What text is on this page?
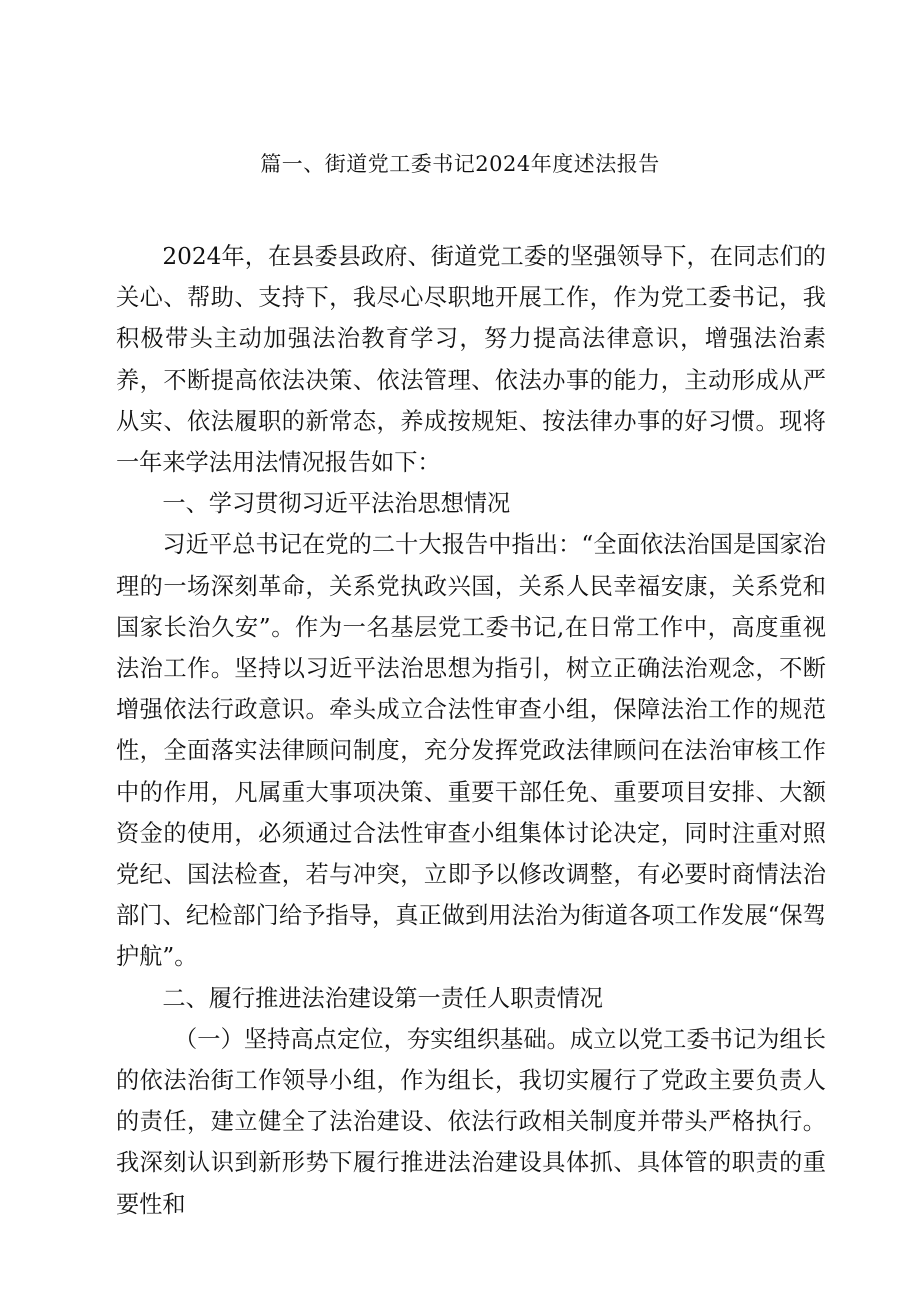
篇一、街道党工委书记2024年度述法报告

2024年，在县委县政府、街道党工委的坚强领导下，在同志们的关心、帮助、支持下，我尽心尽职地开展工作，作为党工委书记，我积极带头主动加强法治教育学习，努力提高法律意识，增强法治素养，不断提高依法决策、依法管理、依法办事的能力，主动形成从严从实、依法履职的新常态，养成按规矩、按法律办事的好习惯。现将一年来学法用法情况报告如下：

一、学习贯彻习近平法治思想情况

习近平总书记在党的二十大报告中指出：“全面依法治国是国家治理的一场深刻革命，关系党执政兴国，关系人民幸福安康，关系党和国家长治久安”。作为一名基层党工委书记,在日常工作中，高度重视法治工作。坚持以习近平法治思想为指引，树立正确法治观念，不断增强依法行政意识。牵头成立合法性审查小组，保障法治工作的规范性，全面落实法律顾问制度，充分发挥党政法律顾问在法治审核工作中的作用，凡属重大事项决策、重要干部任免、重要项目安排、大额资金的使用，必须通过合法性审查小组集体讨论决定，同时注重对照党纪、国法检查，若与冲突，立即予以修改调整，有必要时商情法治部门、纪检部门给予指导，真正做到用法治为街道各项工作发展“保驾护航”。

二、履行推进法治建设第一责任人职责情况

（一）坚持高点定位，夯实组织基础。成立以党工委书记为组长的依法治街工作领导小组，作为组长，我切实履行了党政主要负责人的责任，建立健全了法治建设、依法行政相关制度并带头严格执行。我深刻认识到新形势下履行推进法治建设具体抓、具体管的职责的重要性和
